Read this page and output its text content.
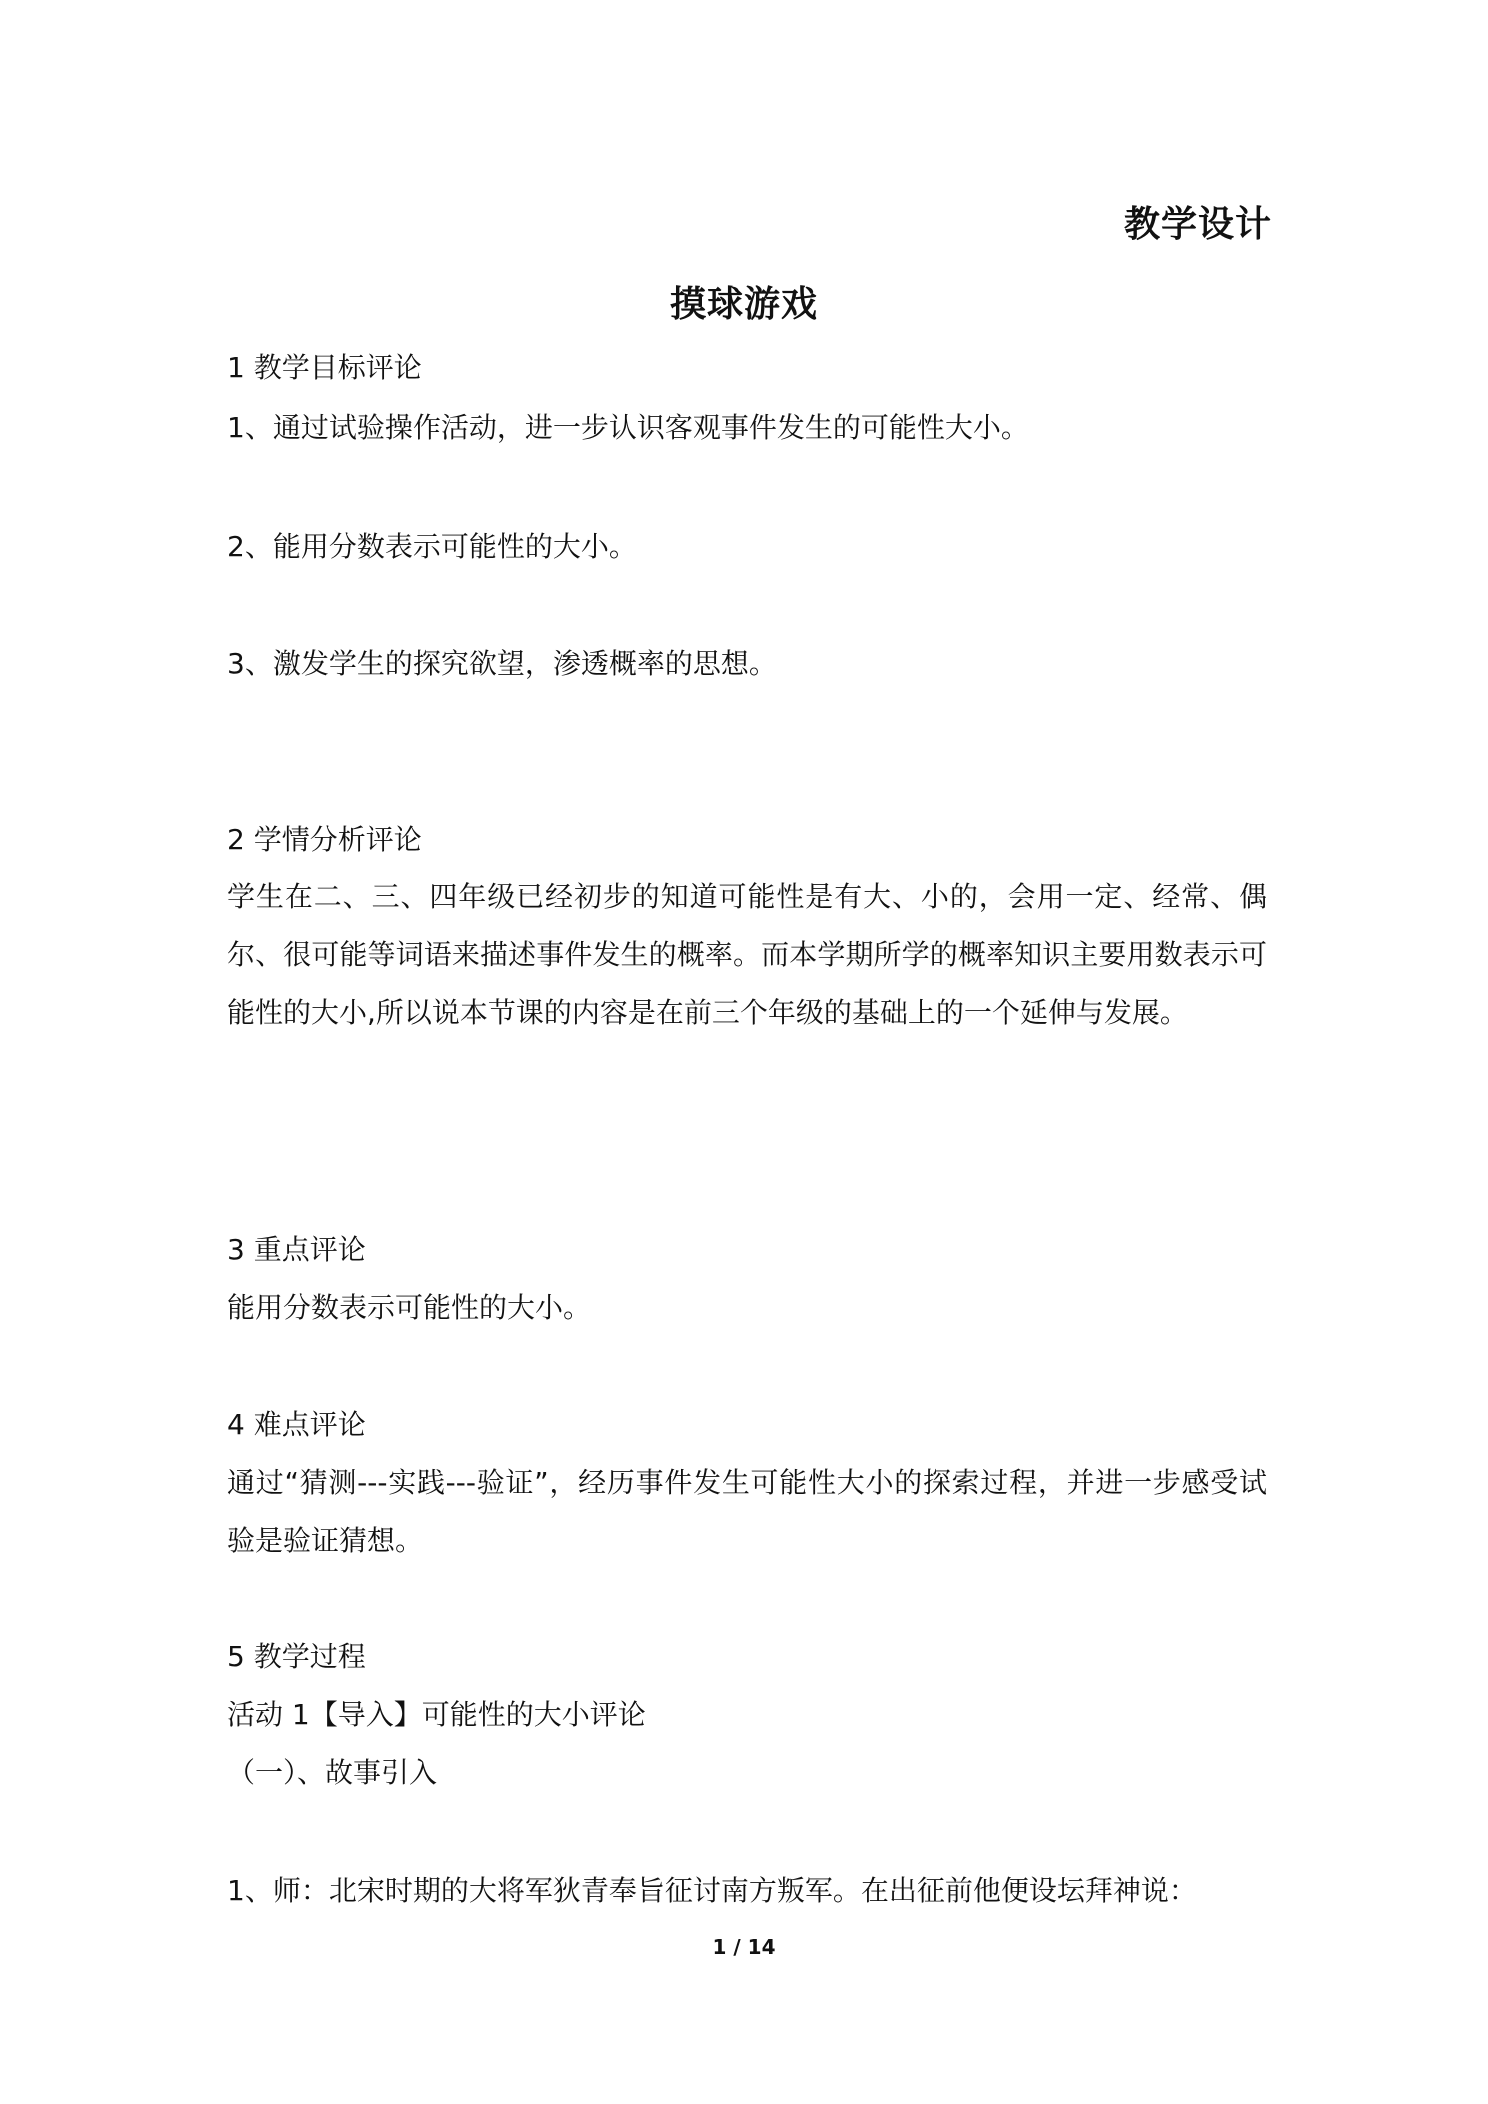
教学设计
摸球游戏
1 教学目标评论
1、通过试验操作活动，进一步认识客观事件发生的可能性大小。
2、能用分数表示可能性的大小。
3、激发学生的探究欲望，渗透概率的思想。
2 学情分析评论
学生在二、三、四年级已经初步的知道可能性是有大、小的，会用一定、经常、偶尔、很可能等词语来描述事件发生的概率。而本学期所学的概率知识主要用数表示可能性的大小,所以说本节课的内容是在前三个年级的基础上的一个延伸与发展。
3 重点评论
能用分数表示可能性的大小。
4 难点评论
通过“猜测---实践---验证”，经历事件发生可能性大小的探索过程，并进一步感受试验是验证猜想。
5 教学过程
活动 1【导入】可能性的大小评论
（一）、故事引入
1、师：北宋时期的大将军狄青奉旨征讨南方叛军。在出征前他便设坛拜神说：
1 / 14
